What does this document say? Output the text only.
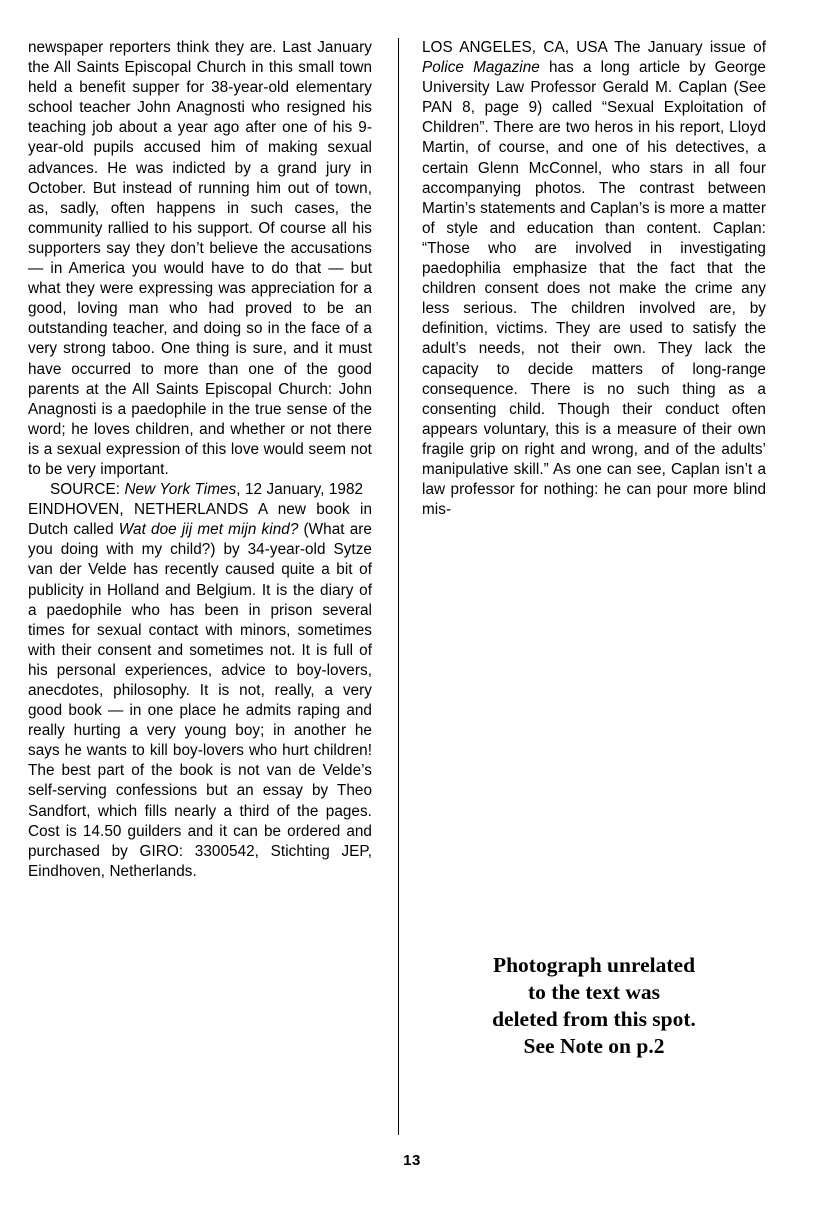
newspaper reporters think they are. Last January the All Saints Episcopal Church in this small town held a benefit supper for 38-year-old elementary school teacher John Anagnosti who resigned his teaching job about a year ago after one of his 9-year-old pupils accused him of making sexual advances. He was indicted by a grand jury in October. But instead of running him out of town, as, sadly, often happens in such cases, the community rallied to his support. Of course all his supporters say they don’t believe the accusations — in America you would have to do that — but what they were expressing was appreciation for a good, loving man who had proved to be an outstanding teacher, and doing so in the face of a very strong taboo. One thing is sure, and it must have occurred to more than one of the good parents at the All Saints Episcopal Church: John Anagnosti is a paedophile in the true sense of the word; he loves children, and whether or not there is a sexual expression of this love would seem not to be very important.

SOURCE: New York Times, 12 January, 1982

EINDHOVEN, NETHERLANDS A new book in Dutch called Wat doe jij met mijn kind? (What are you doing with my child?) by 34-year-old Sytze van der Velde has recently caused quite a bit of publicity in Holland and Belgium. It is the diary of a paedophile who has been in prison several times for sexual contact with minors, sometimes with their consent and sometimes not. It is full of his personal experiences, advice to boy-lovers, anecdotes, philosophy. It is not, really, a very good book — in one place he admits raping and really hurting a very young boy; in another he says he wants to kill boy-lovers who hurt children! The best part of the book is not van de Velde’s self-serving confessions but an essay by Theo Sandfort, which fills nearly a third of the pages. Cost is 14.50 guilders and it can be ordered and purchased by GIRO: 3300542, Stichting JEP, Eindhoven, Netherlands.

LOS ANGELES, CA, USA The January issue of Police Magazine has a long article by George University Law Professor Gerald M. Caplan (See PAN 8, page 9) called “Sexual Exploitation of Children”. There are two heros in his report, Lloyd Martin, of course, and one of his detectives, a certain Glenn McConnel, who stars in all four accompanying photos. The contrast between Martin’s statements and Caplan’s is more a matter of style and education than content. Caplan: “Those who are involved in investigating paedophilia emphasize that the fact that the children consent does not make the crime any less serious. The children involved are, by definition, victims. They are used to satisfy the adult’s needs, not their own. They lack the capacity to decide matters of long-range consequence. There is no such thing as a consenting child. Though their conduct often appears voluntary, this is a measure of their own fragile grip on right and wrong, and of the adults’ manipulative skill.” As one can see, Caplan isn’t a law professor for nothing: he can pour more blind mis-

Photograph unrelated
to the text was
deleted from this spot.
See Note on p.2
13
